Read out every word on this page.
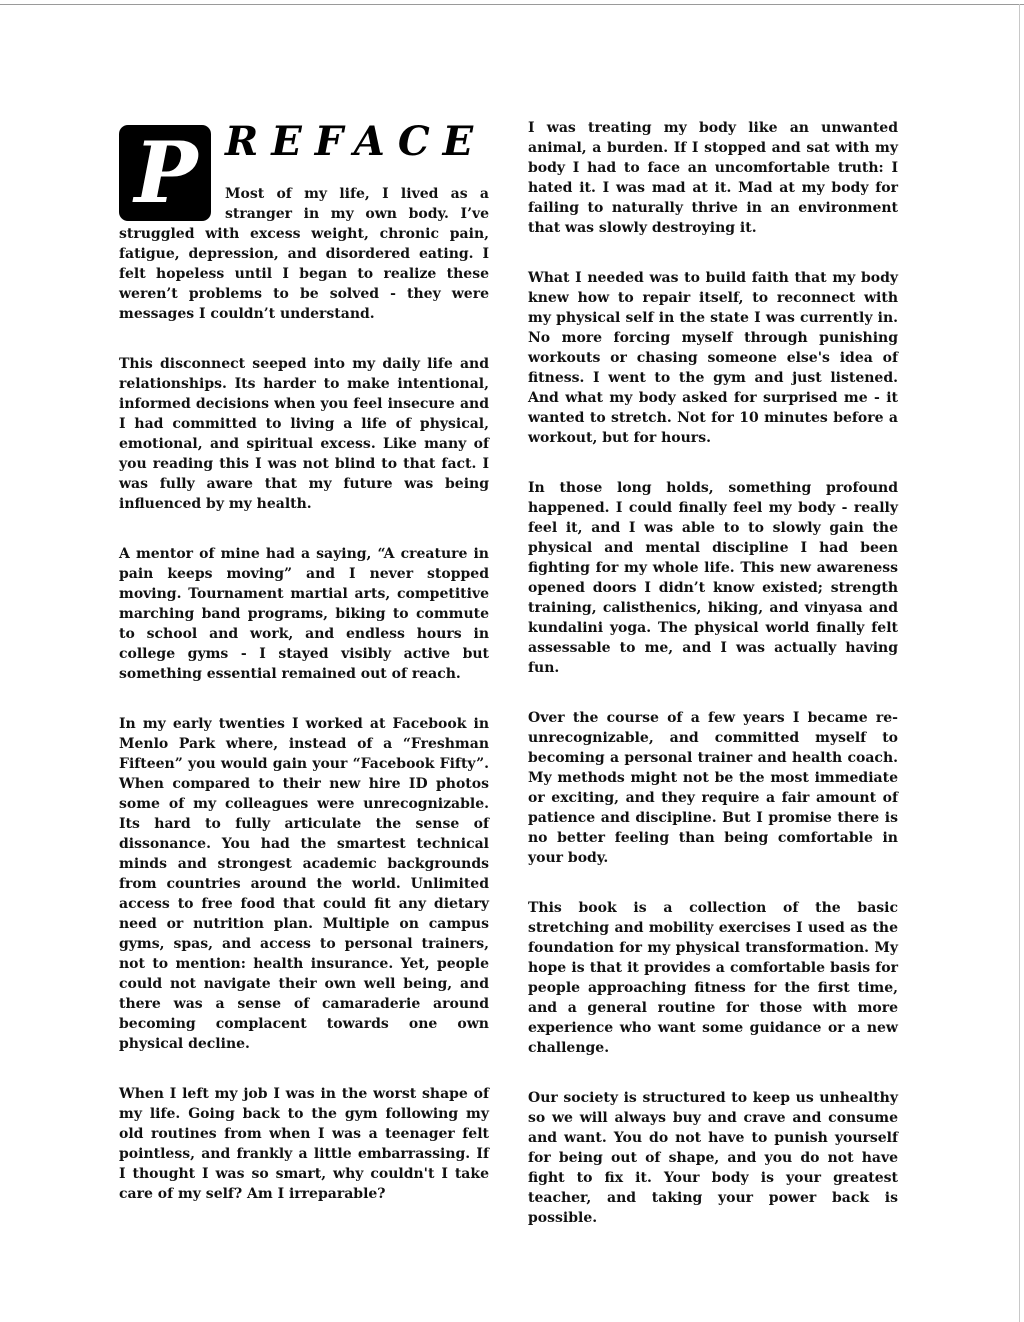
P REFACE

Most of my life, I lived as a stranger in my own body. I’ve struggled with excess weight, chronic pain, fatigue, depression, and disordered eating. I felt hopeless until I began to realize these weren’t problems to be solved - they were messages I couldn’t understand.

This disconnect seeped into my daily life and relationships. Its harder to make intentional, informed decisions when you feel insecure and I had committed to living a life of physical, emotional, and spiritual excess. Like many of you reading this I was not blind to that fact. I was fully aware that my future was being influenced by my health.

A mentor of mine had a saying, “A creature in pain keeps moving” and I never stopped moving. Tournament martial arts, competitive marching band programs, biking to commute to school and work, and endless hours in college gyms - I stayed visibly active but something essential remained out of reach.

In my early twenties I worked at Facebook in Menlo Park where, instead of a “Freshman Fifteen” you would gain your “Facebook Fifty”. When compared to their new hire ID photos some of my colleagues were unrecognizable. Its hard to fully articulate the sense of dissonance. You had the smartest technical minds and strongest academic backgrounds from countries around the world. Unlimited access to free food that could fit any dietary need or nutrition plan. Multiple on campus gyms, spas, and access to personal trainers, not to mention: health insurance. Yet, people could not navigate their own well being, and there was a sense of camaraderie around becoming complacent towards one own physical decline.

When I left my job I was in the worst shape of my life. Going back to the gym following my old routines from when I was a teenager felt pointless, and frankly a little embarrassing. If I thought I was so smart, why couldn't I take care of my self? Am I irreparable?

I was treating my body like an unwanted animal, a burden. If I stopped and sat with my body I had to face an uncomfortable truth: I hated it. I was mad at it. Mad at my body for failing to naturally thrive in an environment that was slowly destroying it.

What I needed was to build faith that my body knew how to repair itself, to reconnect with my physical self in the state I was currently in. No more forcing myself through punishing workouts or chasing someone else's idea of fitness. I went to the gym and just listened. And what my body asked for surprised me - it wanted to stretch. Not for 10 minutes before a workout, but for hours.

In those long holds, something profound happened. I could finally feel my body - really feel it, and I was able to to slowly gain the physical and mental discipline I had been fighting for my whole life. This new awareness opened doors I didn’t know existed; strength training, calisthenics, hiking, and vinyasa and kundalini yoga. The physical world finally felt assessable to me, and I was actually having fun.

Over the course of a few years I became re-unrecognizable, and committed myself to becoming a personal trainer and health coach. My methods might not be the most immediate or exciting, and they require a fair amount of patience and discipline. But I promise there is no better feeling than being comfortable in your body.

This book is a collection of the basic stretching and mobility exercises I used as the foundation for my physical transformation. My hope is that it provides a comfortable basis for people approaching fitness for the first time, and a general routine for those with more experience who want some guidance or a new challenge.

Our society is structured to keep us unhealthy so we will always buy and crave and consume and want. You do not have to punish yourself for being out of shape, and you do not have fight to fix it. Your body is your greatest teacher, and taking your power back is possible.
